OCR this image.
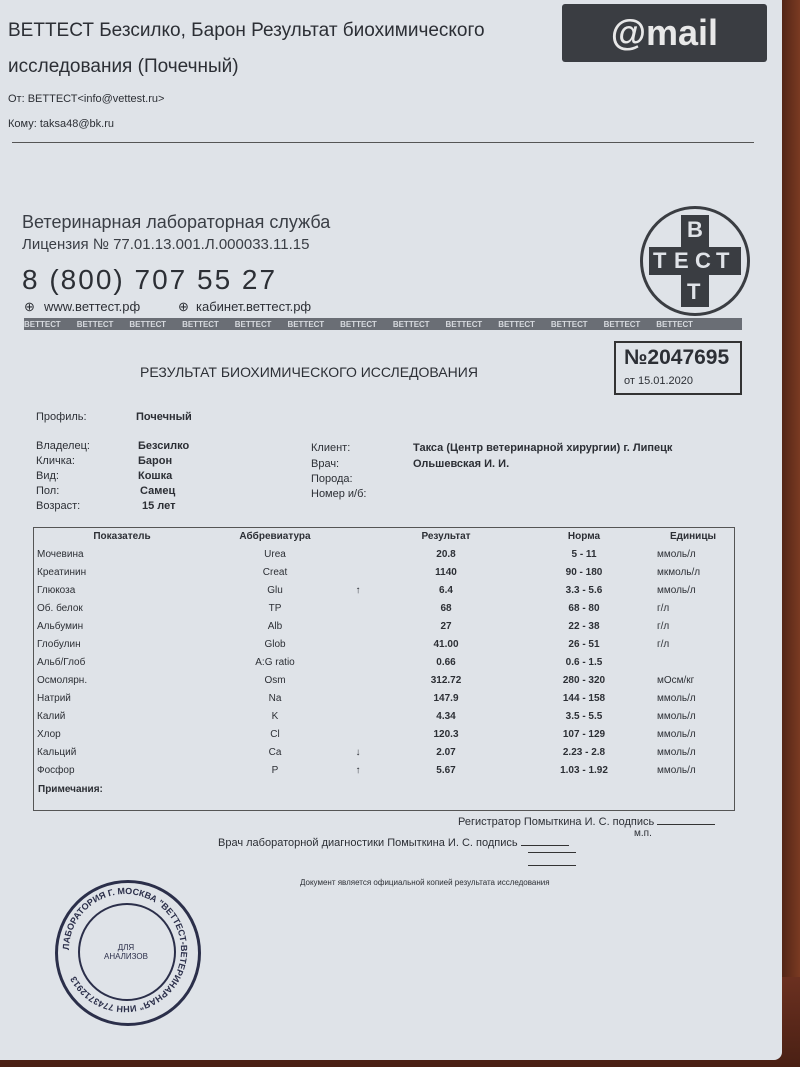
ВЕТТЕСТ Безсилко, Барон Результат биохимического
исследования (Почечный)
От: ВЕТТЕСТ<info@vettest.ru>
Кому: taksa48@bk.ru
@mail
Ветеринарная лабораторная служба
Лицензия № 77.01.13.001.Л.000033.11.15
8 (800) 707 55 27
⊕ www.веттест.рф	⊕ кабинет.веттест.рф
ВЕТТЕСТ ВЕТТЕСТ ВЕТТЕСТ ВЕТТЕСТ ВЕТТЕСТ ВЕТТЕСТ ВЕТТЕСТ ВЕТТЕСТ ВЕТТЕСТ ВЕТТЕСТ ВЕТТЕСТ ВЕТТЕСТ ВЕТТЕСТ
В
Т Е С Т
Т
РЕЗУЛЬТАТ БИОХИМИЧЕСКОГО ИССЛЕДОВАНИЯ
№2047695
от 15.01.2020
Профиль:	Почечный
Владелец:	Безсилко
Кличка:	Барон
Вид:	Кошка
Пол:	Самец
Возраст:	15 лет
Клиент:	Такса (Центр ветеринарной хирургии) г. Липецк
Врач:	Ольшевская И. И.
Порода:
Номер и/б:
Показатель	Аббревиатура		Результат	Норма	Единицы
Мочевина	Urea		20.8	5 - 11	ммоль/л
Креатинин	Creat		1140	90 - 180	мкмоль/л
Глюкоза	Glu	↑	6.4	3.3 - 5.6	ммоль/л
Об. белок	TP		68	68 - 80	г/л
Альбумин	Alb		27	22 - 38	г/л
Глобулин	Glob		41.00	26 - 51	г/л
Альб/Глоб	A:G ratio		0.66	0.6 - 1.5	
Осмолярн.	Osm		312.72	280 - 320	мОсм/кг
Натрий	Na		147.9	144 - 158	ммоль/л
Калий	K		4.34	3.5 - 5.5	ммоль/л
Хлор	Cl		120.3	107 - 129	ммоль/л
Кальций	Ca	↓	2.07	2.23 - 2.8	ммоль/л
Фосфор	P	↑	5.67	1.03 - 1.92	ммоль/л
Примечания:
Регистратор Помыткина И. С. подпись
м.п.
Врач лабораторной диагностики Помыткина И. С. подпись
Документ является официальной копией результата исследования
ЛАБОРАТОРИЯ Г. МОСКВА "ВЕТТЕСТ-ВЕТЕРИНАРНАЯ" ИНН 7743712913
ДЛЯ АНАЛИЗОВ
